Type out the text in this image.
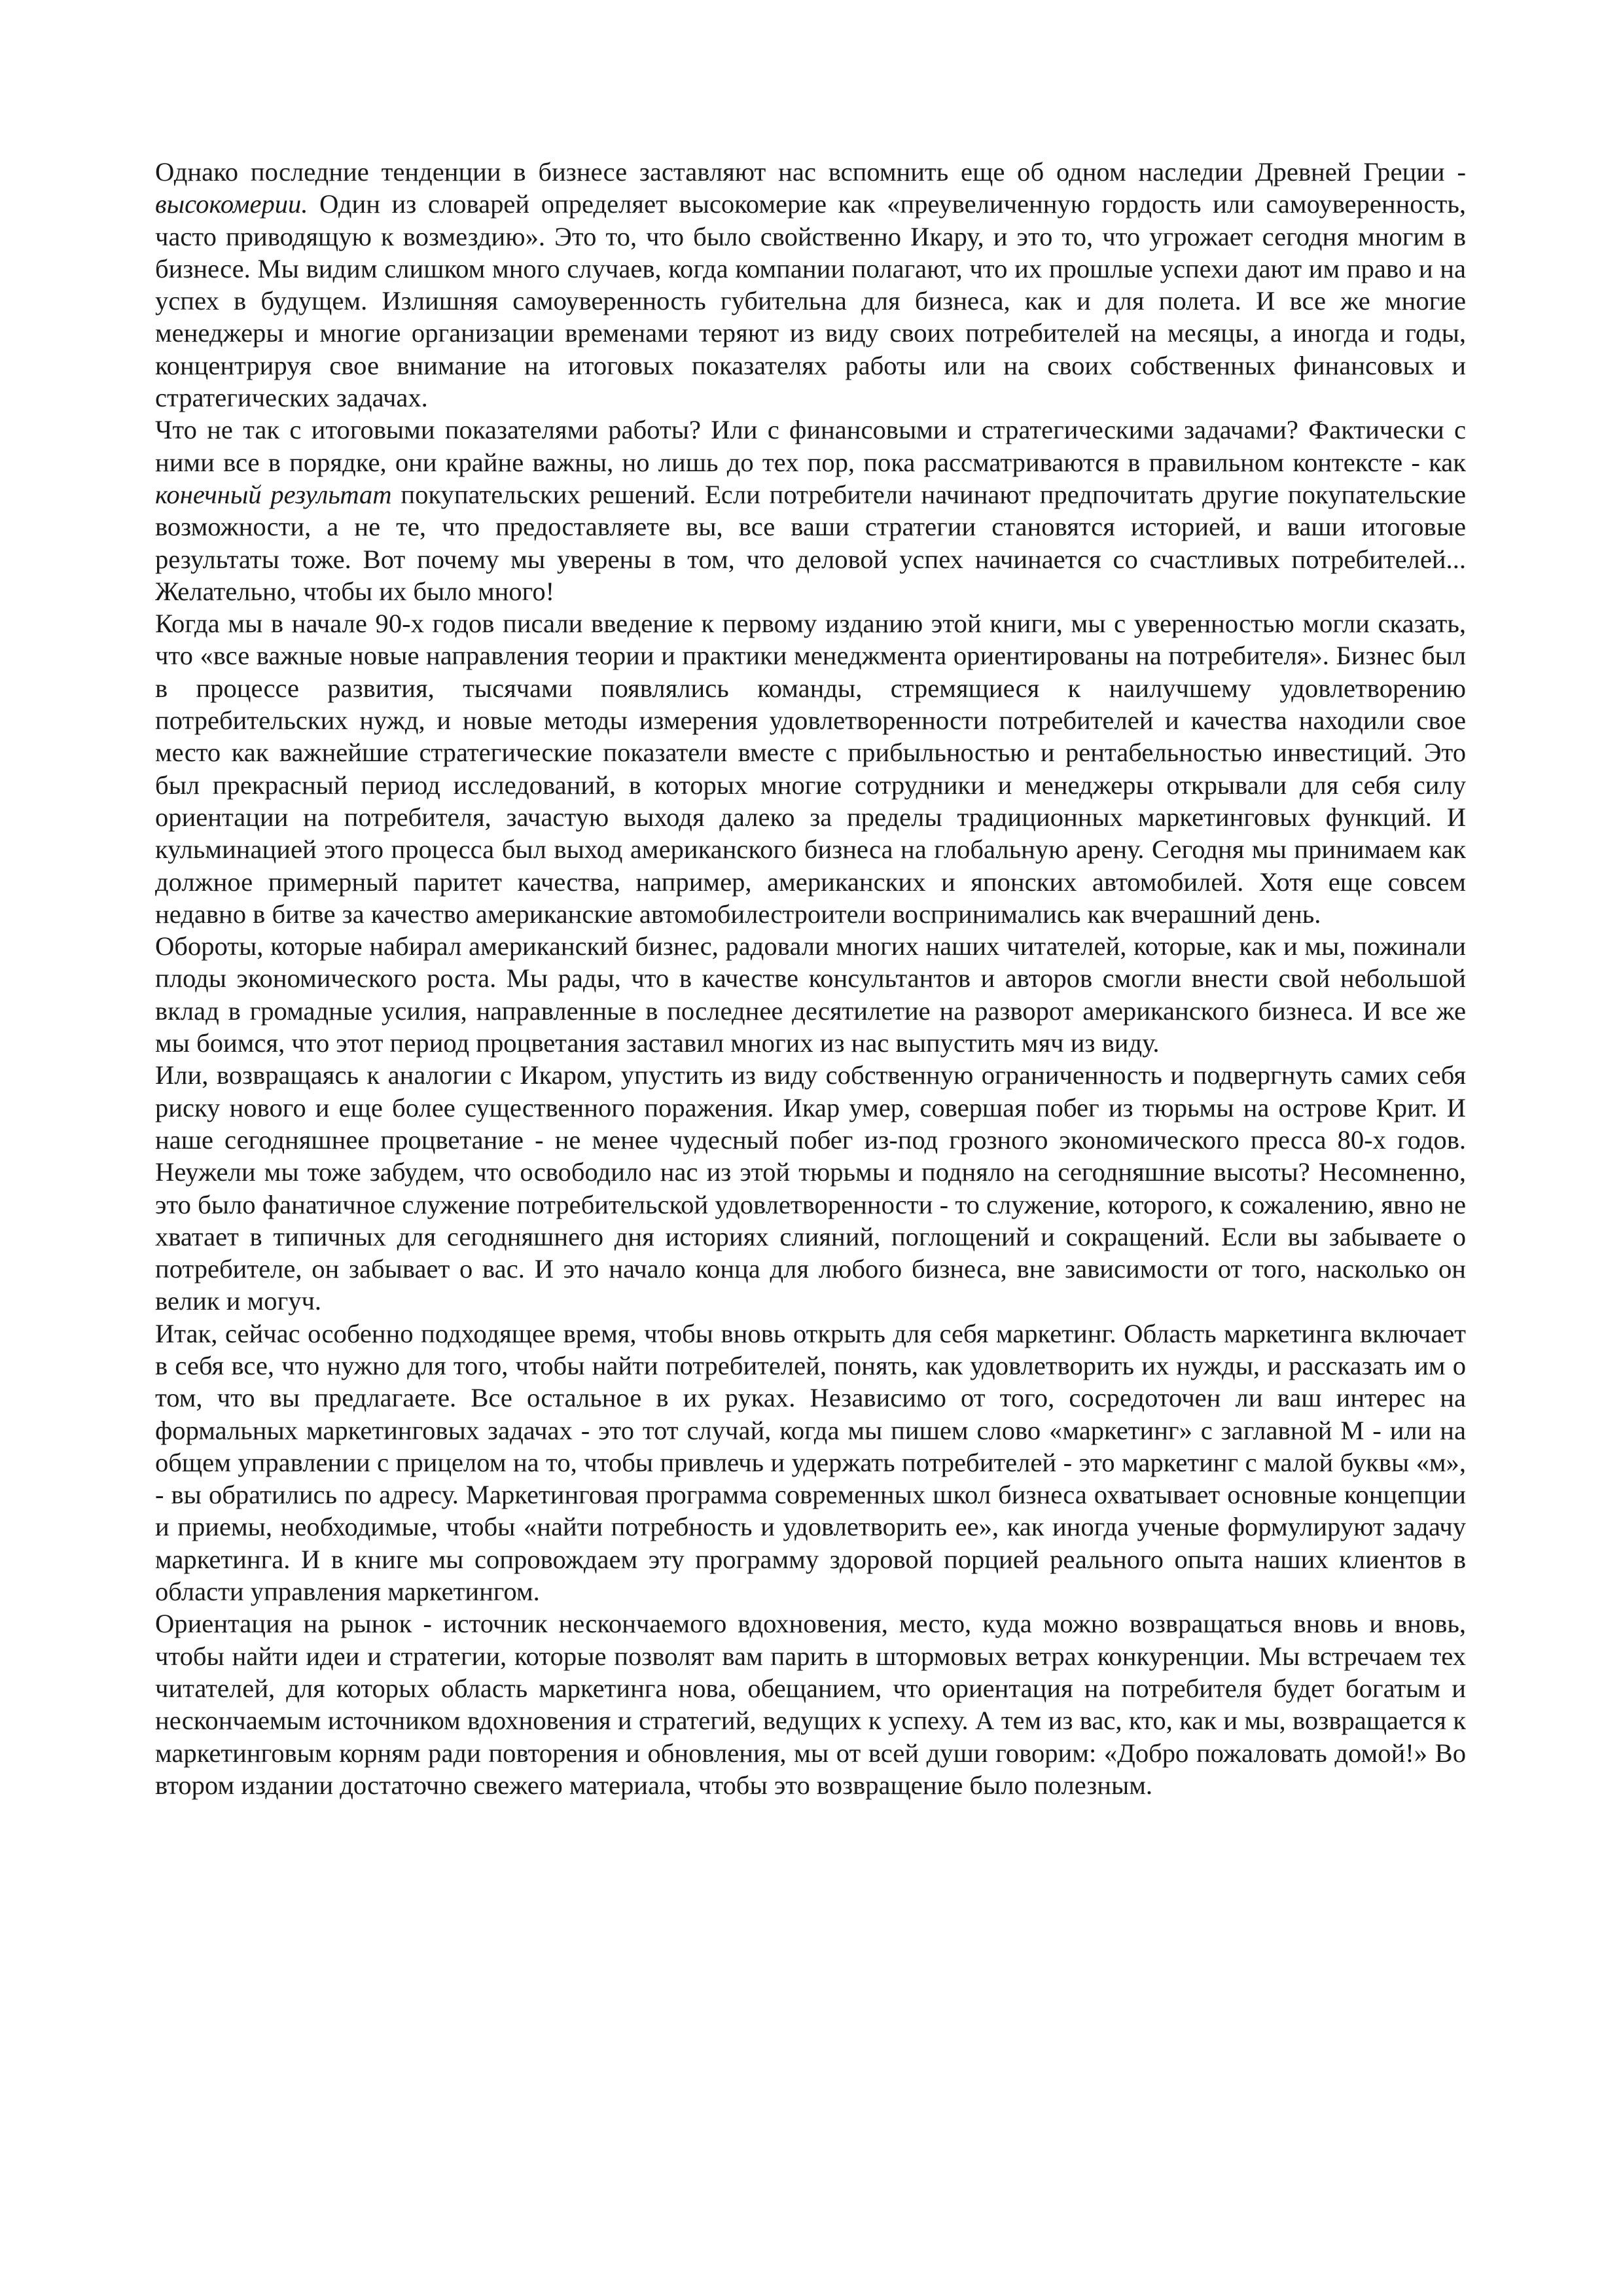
Однако последние тенденции в бизнесе заставляют нас вспомнить еще об одном наследии Древней Греции - высокомерии. Один из словарей определяет высокомерие как «преувеличенную гордость или самоуверенность, часто приводящую к возмездию». Это то, что было свойственно Икару, и это то, что угрожает сегодня многим в бизнесе. Мы видим слишком много случаев, когда компании полагают, что их прошлые успехи дают им право и на успех в будущем. Излишняя самоуверенность губительна для бизнеса, как и для полета. И все же многие менеджеры и многие организации временами теряют из виду своих потребителей на месяцы, а иногда и годы, концентрируя свое внимание на итоговых показателях работы или на своих собственных финансовых и стратегических задачах.

Что не так с итоговыми показателями работы? Или с финансовыми и стратегическими задачами? Фактически с ними все в порядке, они крайне важны, но лишь до тех пор, пока рассматриваются в правильном контексте - как конечный результат покупательских решений. Если потребители начинают предпочитать другие покупательские возможности, а не те, что предоставляете вы, все ваши стратегии становятся историей, и ваши итоговые результаты тоже. Вот почему мы уверены в том, что деловой успех начинается со счастливых потребителей... Желательно, чтобы их было много!

Когда мы в начале 90-х годов писали введение к первому изданию этой книги, мы с уверенностью могли сказать, что «все важные новые направления теории и практики менеджмента ориентированы на потребителя». Бизнес был в процессе развития, тысячами появлялись команды, стремящиеся к наилучшему удовлетворению потребительских нужд, и новые методы измерения удовлетворенности потребителей и качества находили свое место как важнейшие стратегические показатели вместе с прибыльностью и рентабельностью инвестиций. Это был прекрасный период исследований, в которых многие сотрудники и менеджеры открывали для себя силу ориентации на потребителя, зачастую выходя далеко за пределы традиционных маркетинговых функций. И кульминацией этого процесса был выход американского бизнеса на глобальную арену. Сегодня мы принимаем как должное примерный паритет качества, например, американских и японских автомобилей. Хотя еще совсем недавно в битве за качество американские автомобилестроители воспринимались как вчерашний день.

Обороты, которые набирал американский бизнес, радовали многих наших читателей, которые, как и мы, пожинали плоды экономического роста. Мы рады, что в качестве консультантов и авторов смогли внести свой небольшой вклад в громадные усилия, направленные в последнее десятилетие на разворот американского бизнеса. И все же мы боимся, что этот период процветания заставил многих из нас выпустить мяч из виду.

Или, возвращаясь к аналогии с Икаром, упустить из виду собственную ограниченность и подвергнуть самих себя риску нового и еще более существенного поражения. Икар умер, совершая побег из тюрьмы на острове Крит. И наше сегодняшнее процветание - не менее чудесный побег из-под грозного экономического пресса 80-х годов. Неужели мы тоже забудем, что освободило нас из этой тюрьмы и подняло на сегодняшние высоты? Несомненно, это было фанатичное служение потребительской удовлетворенности - то служение, которого, к сожалению, явно не хватает в типичных для сегодняшнего дня историях слияний, поглощений и сокращений. Если вы забываете о потребителе, он забывает о вас. И это начало конца для любого бизнеса, вне зависимости от того, насколько он велик и могуч.

Итак, сейчас особенно подходящее время, чтобы вновь открыть для себя маркетинг. Область маркетинга включает в себя все, что нужно для того, чтобы найти потребителей, понять, как удовлетворить их нужды, и рассказать им о том, что вы предлагаете. Все остальное в их руках. Независимо от того, сосредоточен ли ваш интерес на формальных маркетинговых задачах - это тот случай, когда мы пишем слово «маркетинг» с заглавной М - или на общем управлении с прицелом на то, чтобы привлечь и удержать потребителей - это маркетинг с малой буквы «м», - вы обратились по адресу. Маркетинговая программа современных школ бизнеса охватывает основные концепции и приемы, необходимые, чтобы «найти потребность и удовлетворить ее», как иногда ученые формулируют задачу маркетинга. И в книге мы сопровождаем эту программу здоровой порцией реального опыта наших клиентов в области управления маркетингом.

Ориентация на рынок - источник нескончаемого вдохновения, место, куда можно возвращаться вновь и вновь, чтобы найти идеи и стратегии, которые позволят вам парить в штормовых ветрах конкуренции. Мы встречаем тех читателей, для которых область маркетинга нова, обещанием, что ориентация на потребителя будет богатым и нескончаемым источником вдохновения и стратегий, ведущих к успеху. А тем из вас, кто, как и мы, возвращается к маркетинговым корням ради повторения и обновления, мы от всей души говорим: «Добро пожаловать домой!» Во втором издании достаточно свежего материала, чтобы это возвращение было полезным.
